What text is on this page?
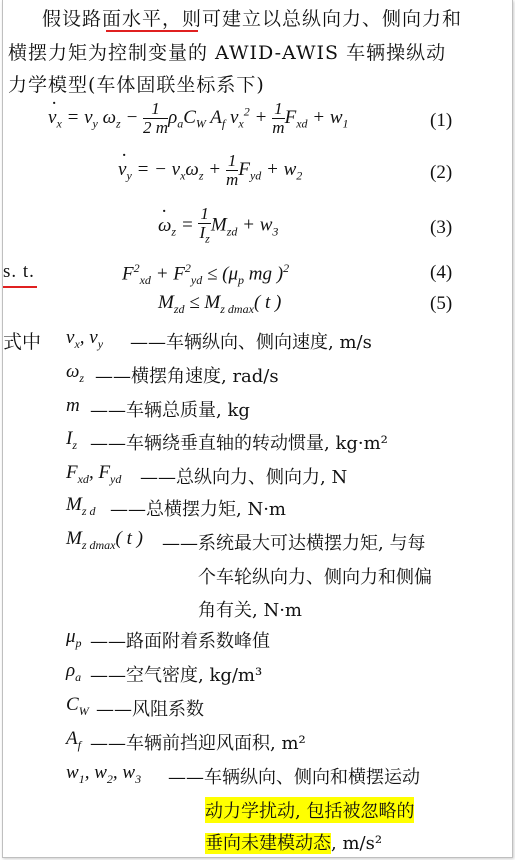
假设路面水平，则可建立以总纵向力、侧向力和
横摆力矩为控制变量的 AWID-AWIS 车辆操纵动
力学模型(车体固联坐标系下)
· $v_x = v_y$ $\omega_z - \frac{1}{2 m} \rho_aC_W$ $A_f$ $v_x^2 + \frac{1}{m} F_{xd} + w_1$	(1)
· $v_y$ = − $v_x\omega_z + \frac{1}{m} F_{yd} + w_2$	(2)
· $\omega_z = \frac{1}{I_z} M_{zd} + w_3$	(3)
s. t.	$F^2_{xd} + F^2_{yd} \le (\mu_p$ mg )$^2$	(4)
$M_{zd} \le M_{z dmax}$( t )	(5)
式中 $v_x$, $v_y$ ——车辆纵向、侧向速度, m/s
$\omega_z$ ——横摆角速度, rad/s
m ——车辆总质量, kg
$I_z$ ——车辆绕垂直轴的转动惯量, kg·m²
$F_{xd}$, $F_{yd}$ ——总纵向力、侧向力, N
$M_{z d}$ ——总横摆力矩, N·m
$M_{z dmax}$( t ) ——系统最大可达横摆力矩, 与每
个车轮纵向力、侧向力和侧偏
角有关, N·m
$\mu_p$ ——路面附着系数峰值
$\rho_a$ ——空气密度, kg/m³
$C_W$ ——风阻系数
$A_f$ ——车辆前挡迎风面积, m²
$w_1$, $w_2$, $w_3$ ——车辆纵向、侧向和横摆运动
动力学扰动, 包括被忽略的
垂向未建模动态, m/s²
